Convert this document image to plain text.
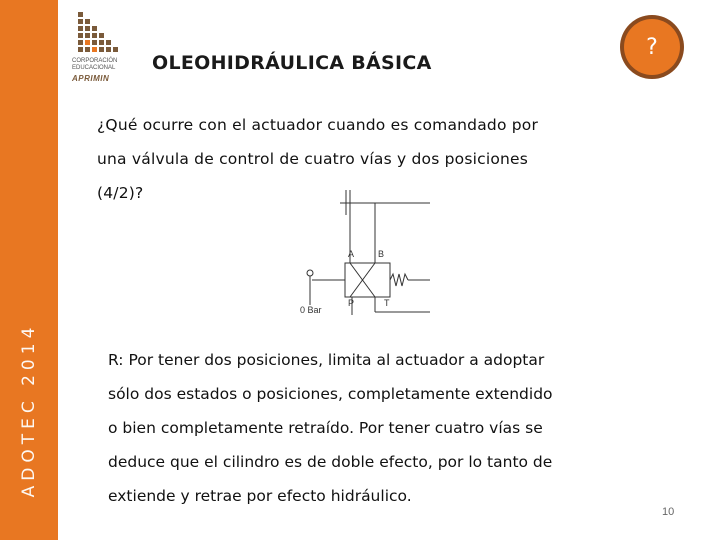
ADOTEC 2014
CORPORACIÓN
EDUCACIONAL
APRIMIN
OLEOHIDRÁULICA BÁSICA
?
¿Qué ocurre con el actuador cuando es comandado por
una válvula de control de cuatro vías y dos posiciones
(4/2)?
A	B
P	T
0 Bar

R: Por tener dos posiciones, limita al actuador a adoptar

sólo dos estados o posiciones, completamente extendido

o bien completamente retraído. Por tener cuatro vías se

deduce que el cilindro es de doble efecto, por lo tanto de

extiende y retrae por efecto hidráulico.

10
